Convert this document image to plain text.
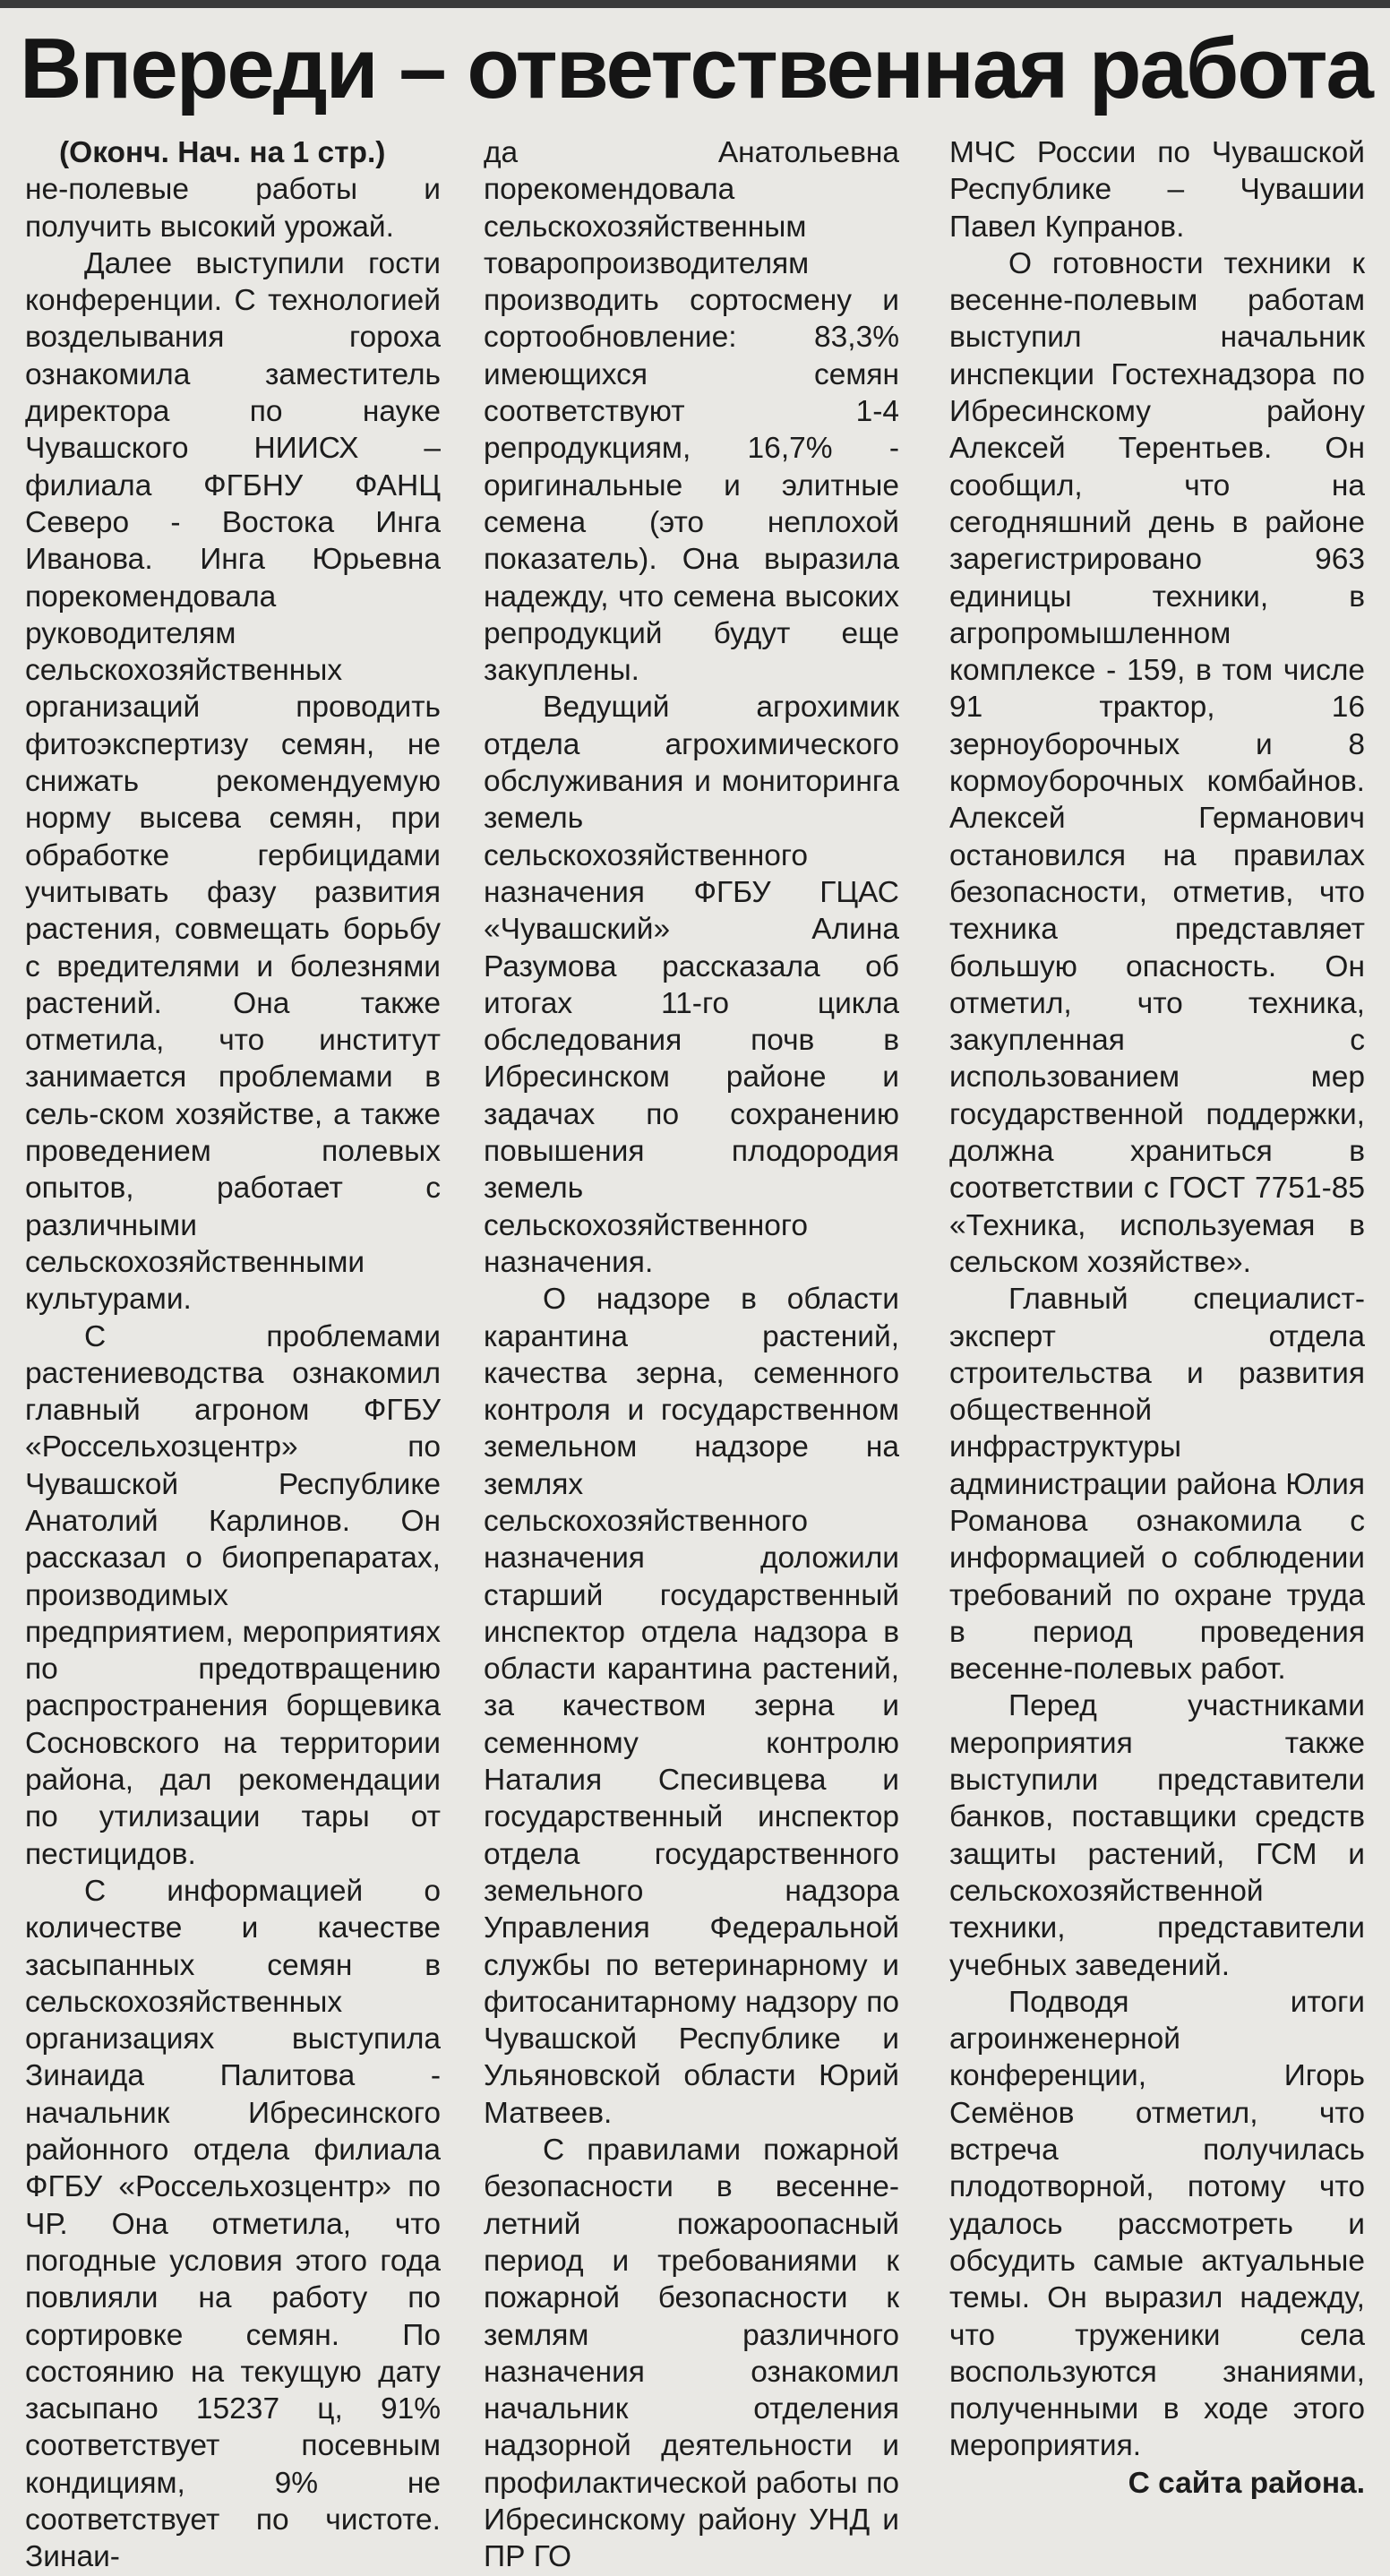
Впереди – ответственная работа

(Оконч. Нач. на 1 стр.)

не-полевые работы и получить высокий урожай.

Далее выступили гости конференции. С технологией возделывания гороха ознакомила заместитель директора по науке Чувашского НИИСХ – филиала ФГБНУ ФАНЦ Северо - Востока Инга Иванова. Инга Юрьевна порекомендовала руководителям сельскохозяйственных организаций проводить фитоэкспертизу семян, не снижать рекомендуемую норму высева семян, при обработке гербицидами учитывать фазу развития растения, совмещать борьбу с вредителями и болезнями растений. Она также отметила, что институт занимается проблемами в сель-ском хозяйстве, а также проведением полевых опытов, работает с различными сельскохозяйственными культурами.

С проблемами растениеводства ознакомил главный агроном ФГБУ «Россельхозцентр» по Чувашской Республике Анатолий Карлинов. Он рассказал о биопрепаратах, производимых предприятием, мероприятиях по предотвращению распространения борщевика Сосновского на территории района, дал рекомендации по утилизации тары от пестицидов.

С информацией о количестве и качестве засыпанных семян в сельскохозяйственных организациях выступила Зинаида Палитова - начальник Ибресинского районного отдела филиала ФГБУ «Россельхозцентр» по ЧР. Она отметила, что погодные условия этого года повлияли на работу по сортировке семян. По состоянию на текущую дату засыпано 15237 ц, 91% соответствует посевным кондициям, 9% не соответствует по чистоте. Зинаи-

да Анатольевна порекомендовала сельскохозяйственным товаропроизводителям производить сортосмену и сортообновление: 83,3% имеющихся семян соответствуют 1-4 репродукциям, 16,7% - оригинальные и элитные семена (это неплохой показатель). Она выразила надежду, что семена высоких репродукций будут еще закуплены.

Ведущий агрохимик отдела агрохимического обслуживания и мониторинга земель сельскохозяйственного назначения ФГБУ ГЦАС «Чувашский» Алина Разумова рассказала об итогах 11-го цикла обследования почв в Ибресинском районе и задачах по сохранению повышения плодородия земель сельскохозяйственного назначения.

О надзоре в области карантина растений, качества зерна, семенного контроля и государственном земельном надзоре на землях сельскохозяйственного назначения доложили старший государственный инспектор отдела надзора в области карантина растений, за качеством зерна и семенному контролю Наталия Спесивцева и государственный инспектор отдела государственного земельного надзора Управления Федеральной службы по ветеринарному и фитосанитарному надзору по Чувашской Республике и Ульяновской области Юрий Матвеев.

С правилами пожарной безопасности в весенне-летний пожароопасный период и требованиями к пожарной безопасности к землям различного назначения ознакомил начальник отделения надзорной деятельности и профилактической работы по Ибресинскому району УНД и ПР ГО

МЧС России по Чувашской Республике – Чувашии Павел Купранов.

О готовности техники к весенне-полевым работам выступил начальник инспекции Гостехнадзора по Ибресинскому району Алексей Терентьев. Он сообщил, что на сегодняшний день в районе зарегистрировано 963 единицы техники, в агропромышленном комплексе - 159, в том числе 91 трактор, 16 зерноуборочных и 8 кормоуборочных комбайнов. Алексей Германович остановился на правилах безопасности, отметив, что техника представляет большую опасность. Он отметил, что техника, закупленная с использованием мер государственной поддержки, должна храниться в соответствии с ГОСТ 7751-85 «Техника, используемая в сельском хозяйстве».

Главный специалист-эксперт отдела строительства и развития общественной инфраструктуры администрации района Юлия Романова ознакомила с информацией о соблюдении требований по охране труда в период проведения весенне-полевых работ.

Перед участниками мероприятия также выступили представители банков, поставщики средств защиты растений, ГСМ и сельскохозяйственной техники, представители учебных заведений.

Подводя итоги агроинженерной конференции, Игорь Семёнов отметил, что встреча получилась плодотворной, потому что удалось рассмотреть и обсудить самые актуальные темы. Он выразил надежду, что труженики села воспользуются знаниями, полученными в ходе этого мероприятия.

С сайта района.
